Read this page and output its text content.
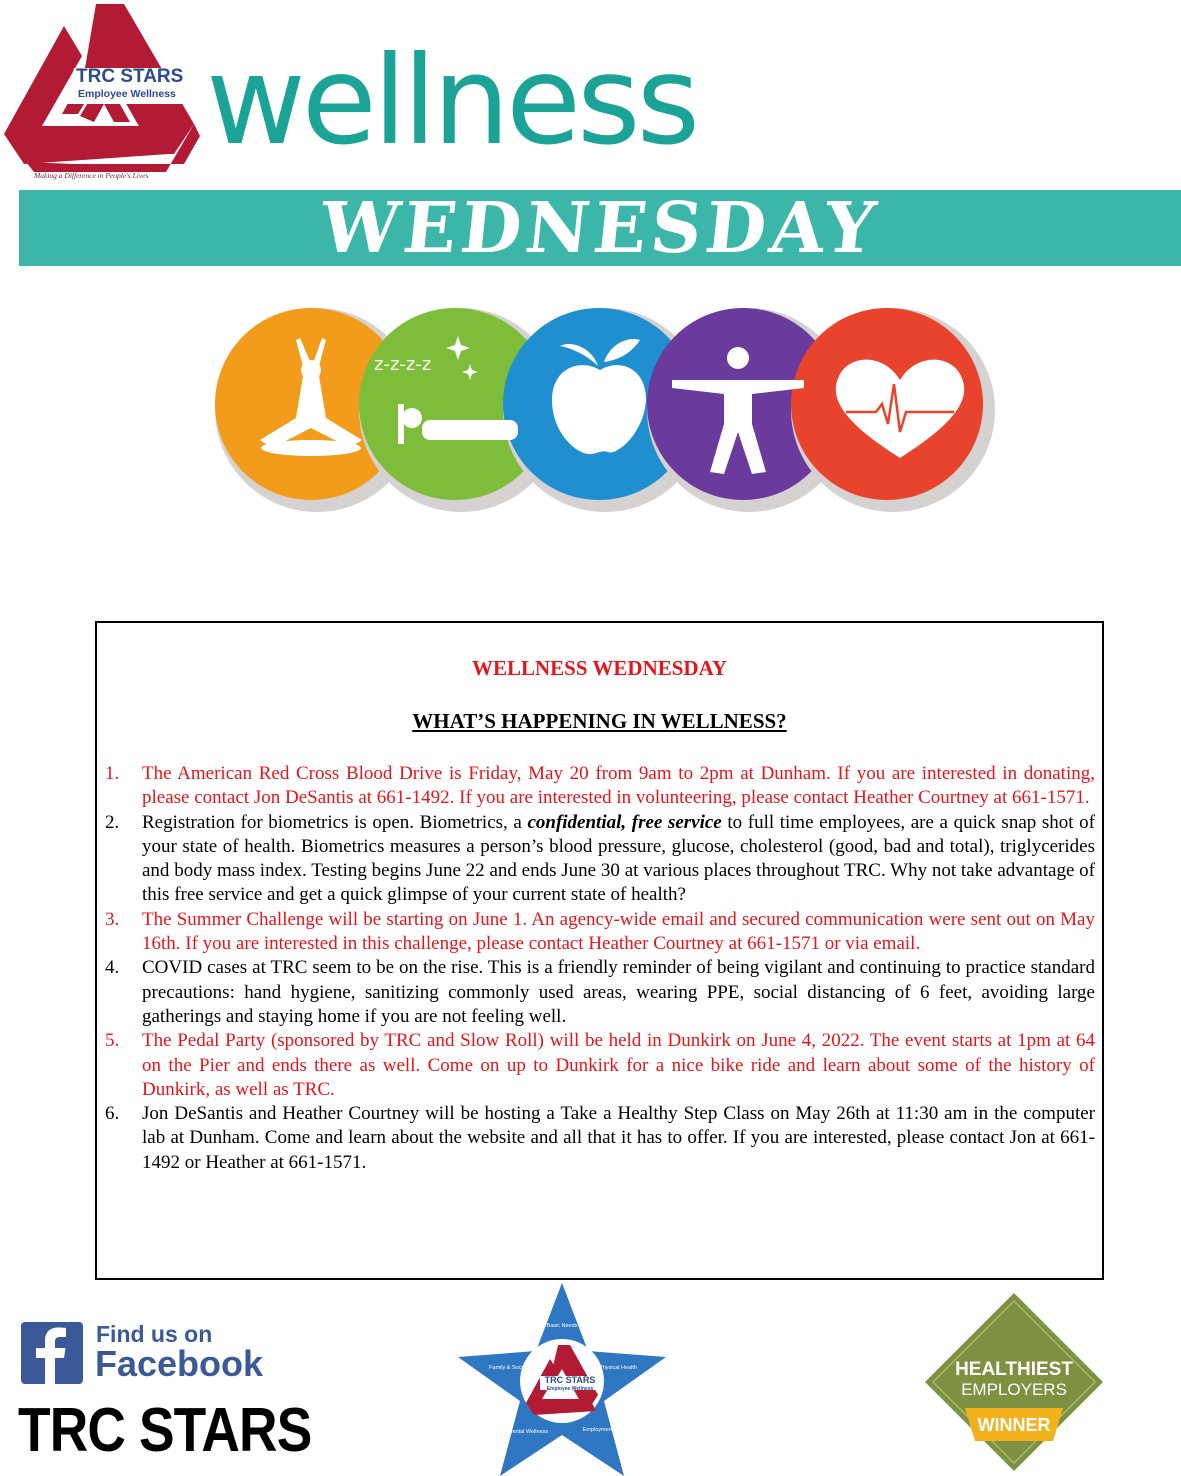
TRC STARS
Employee Wellness
Making a Difference in People's Lives
wellness
WEDNESDAY
z-z-z-z
WELLNESS WEDNESDAY
WHAT’S HAPPENING IN WELLNESS?
1. The American Red Cross Blood Drive is Friday, May 20 from 9am to 2pm at Dunham. If you are interested in donating, please contact Jon DeSantis at 661-1492. If you are interested in volunteering, please contact Heather Courtney at 661-1571.
2. Registration for biometrics is open. Biometrics, a confidential, free service to full time employees, are a quick snap shot of your state of health. Biometrics measures a person’s blood pressure, glucose, cholesterol (good, bad and total), triglycerides and body mass index. Testing begins June 22 and ends June 30 at various places throughout TRC. Why not take advantage of this free service and get a quick glimpse of your current state of health?
3. The Summer Challenge will be starting on June 1. An agency-wide email and secured communication were sent out on May 16th. If you are interested in this challenge, please contact Heather Courtney at 661-1571 or via email.
4. COVID cases at TRC seem to be on the rise. This is a friendly reminder of being vigilant and continuing to practice standard precautions: hand hygiene, sanitizing commonly used areas, wearing PPE, social distancing of 6 feet, avoiding large gatherings and staying home if you are not feeling well.
5. The Pedal Party (sponsored by TRC and Slow Roll) will be held in Dunkirk on June 4, 2022. The event starts at 1pm at 64 on the Pier and ends there as well. Come on up to Dunkirk for a nice bike ride and learn about some of the history of Dunkirk, as well as TRC.
6. Jon DeSantis and Heather Courtney will be hosting a Take a Healthy Step Class on May 26th at 11:30 am in the computer lab at Dunham. Come and learn about the website and all that it has to offer. If you are interested, please contact Jon at 661-1492 or Heather at 661-1571.
Find us on
Facebook
TRC STARS
TRC STARS
Employee Wellness
Basic Needs
Physical Health
Employment
Mental Wellness
Family & Social	HEALTHIEST
EMPLOYERS
WINNER
